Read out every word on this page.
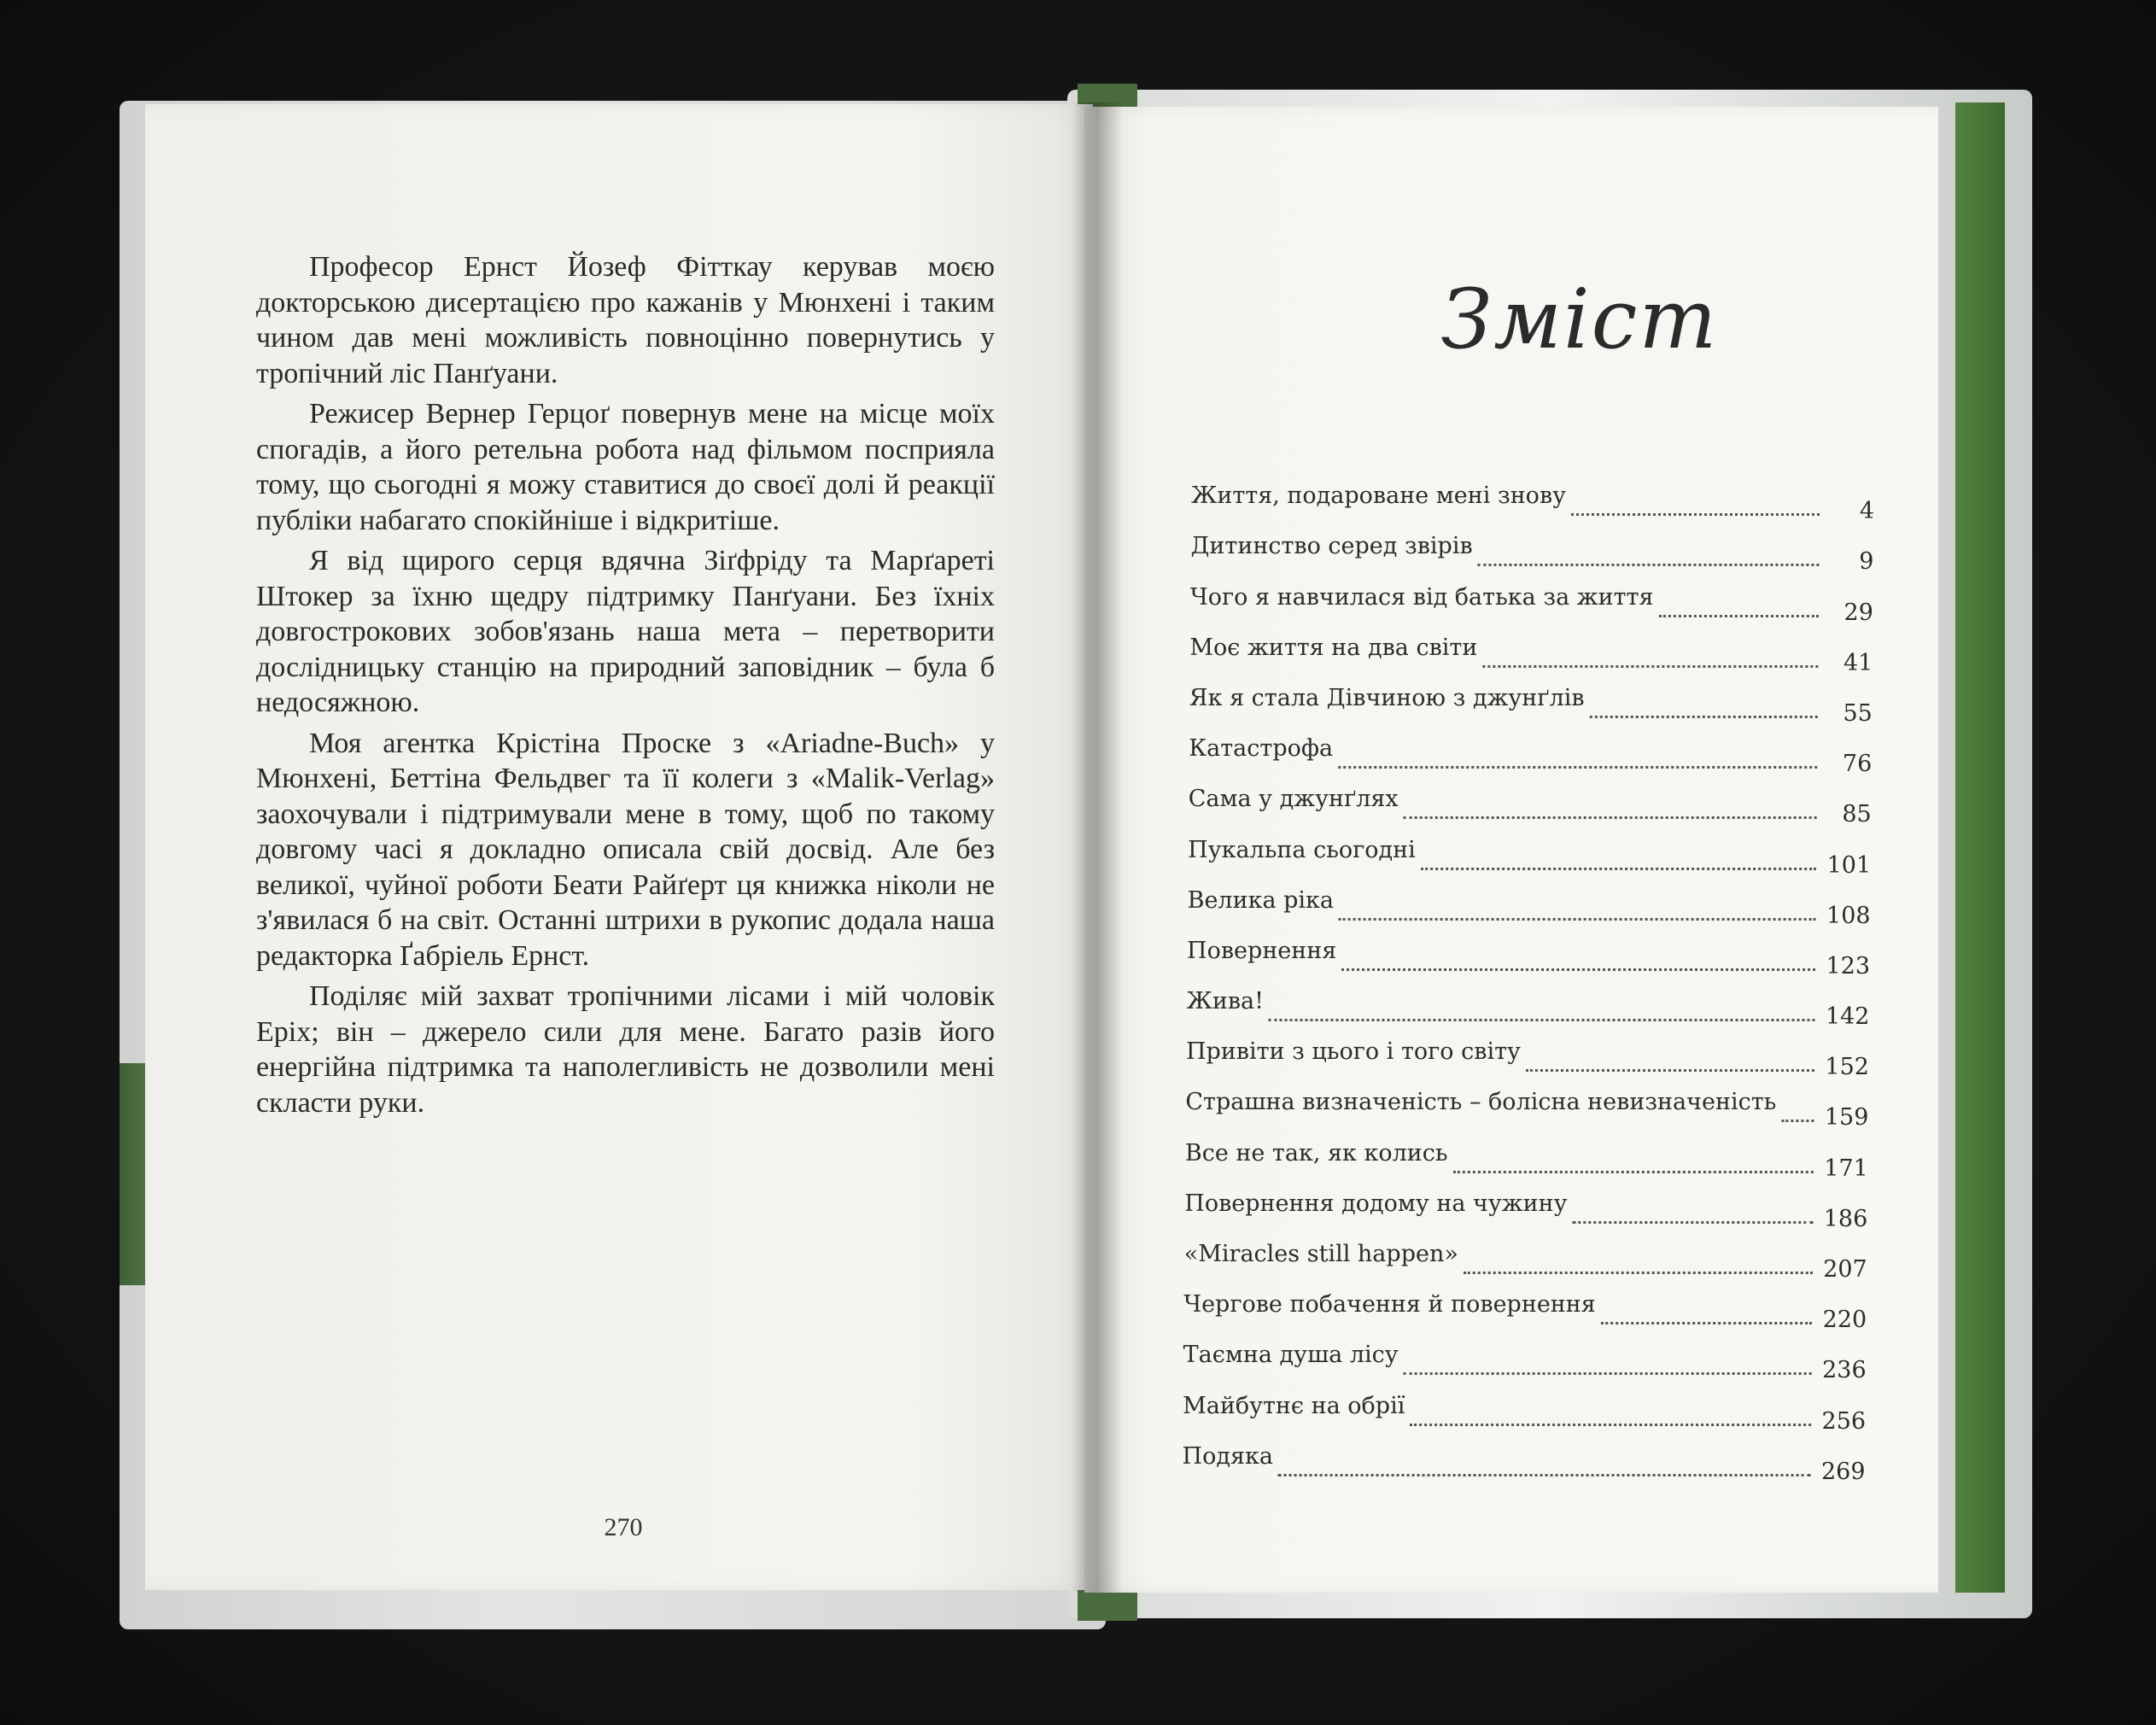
Професор Ернст Йозеф Фітткау керував моєю докторською дисертацією про кажанів у Мюнхені і таким чином дав мені можливість повноцінно повернутись у тропічний ліс Панґуани.

Режисер Вернер Герцоґ повернув мене на місце моїх спогадів, а його ретельна робота над фільмом посприяла тому, що сьогодні я можу ставитися до своєї долі й реакції публіки набагато спокійніше і відкритіше.

Я від щирого серця вдячна Зіґфріду та Марґареті Штокер за їхню щедру підтримку Панґуани. Без їхніх довгострокових зобов'язань наша мета – перетворити дослідницьку станцію на природний заповідник – була б недосяжною.

Моя агентка Крістіна Проске з «Ariadne-Buch» у Мюнхені, Беттіна Фельдвег та її колеги з «Malik-Verlag» заохочували і підтримували мене в тому, щоб по такому довгому часі я докладно описала свій досвід. Але без великої, чуйної роботи Беати Райґерт ця книжка ніколи не з'явилася б на світ. Останні штрихи в рукопис додала наша редакторка Ґабріель Ернст.

Поділяє мій захват тропічними лісами і мій чоловік Еріх; він – джерело сили для мене. Багато разів його енергійна підтримка та наполегливість не дозволили мені скласти руки.

270
Зміст
Життя, подароване мені знову
4
Дитинство серед звірів
9
Чого я навчилася від батька за життя
29
Моє життя на два світи
41
Як я стала Дівчиною з джунґлів
55
Катастрофа
76
Сама у джунґлях
85
Пукальпа сьогодні
101
Велика ріка
108
Повернення
123
Жива!
142
Привіти з цього і того світу
152
Страшна визначеність – болісна невизначеність
159
Все не так, як колись
171
Повернення додому на чужину
186
«Miracles still happen»
207
Чергове побачення й повернення
220
Таємна душа лісу
236
Майбутнє на обрії
256
Подяка
269
